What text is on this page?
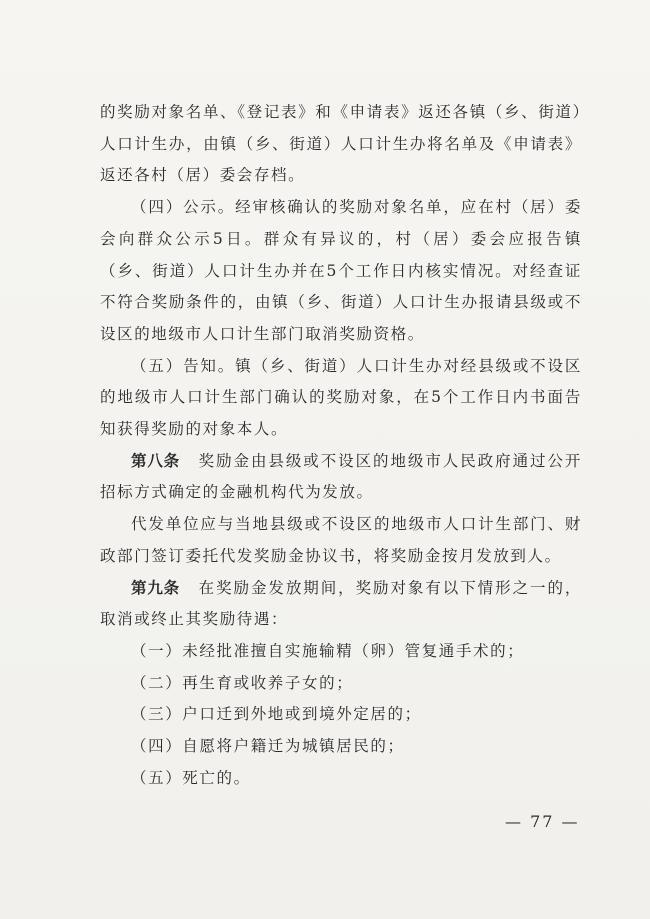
的奖励对象名单、《登记表》和《申请表》返还各镇（乡、街道）人口计生办，由镇（乡、街道）人口计生办将名单及《申请表》返还各村（居）委会存档。

（四）公示。经审核确认的奖励对象名单，应在村（居）委会向群众公示5日。群众有异议的，村（居）委会应报告镇（乡、街道）人口计生办并在5个工作日内核实情况。对经查证不符合奖励条件的，由镇（乡、街道）人口计生办报请县级或不设区的地级市人口计生部门取消奖励资格。

（五）告知。镇（乡、街道）人口计生办对经县级或不设区的地级市人口计生部门确认的奖励对象，在5个工作日内书面告知获得奖励的对象本人。

第八条 奖励金由县级或不设区的地级市人民政府通过公开招标方式确定的金融机构代为发放。

代发单位应与当地县级或不设区的地级市人口计生部门、财政部门签订委托代发奖励金协议书，将奖励金按月发放到人。

第九条 在奖励金发放期间，奖励对象有以下情形之一的，取消或终止其奖励待遇：

（一）未经批准擅自实施输精（卵）管复通手术的；

（二）再生育或收养子女的；

（三）户口迁到外地或到境外定居的；

（四）自愿将户籍迁为城镇居民的；

（五）死亡的。

— 77 —
